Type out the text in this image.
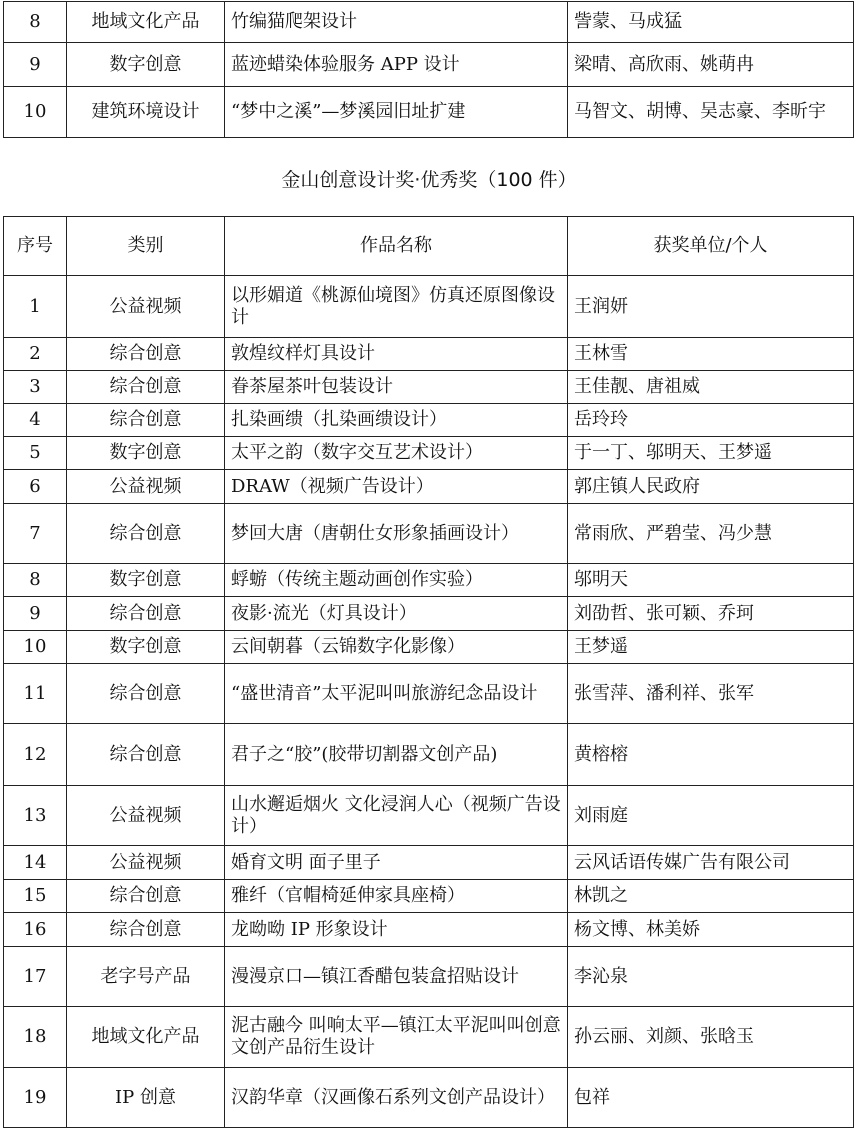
8	地域文化产品	竹编猫爬架设计	訾蒙、马成猛
9	数字创意	蓝迹蜡染体验服务 APP 设计	梁晴、高欣雨、姚萌冉
10	建筑环境设计	“梦中之溪”—梦溪园旧址扩建	马智文、胡博、吴志豪、李昕宇
金山创意设计奖·优秀奖（100 件）
序号	类别	作品名称	获奖单位/个人
1	公益视频	以形媚道《桃源仙境图》仿真还原图像设计	王润妍
2	综合创意	敦煌纹样灯具设计	王林雪
3	综合创意	眷茶屋茶叶包装设计	王佳靓、唐祖威
4	综合创意	扎染画缋（扎染画缋设计）	岳玲玲
5	数字创意	太平之韵（数字交互艺术设计）	于一丁、邬明天、王梦遥
6	公益视频	DRAW（视频广告设计）	郭庄镇人民政府
7	综合创意	梦回大唐（唐朝仕女形象插画设计）	常雨欣、严碧莹、冯少慧
8	数字创意	蜉蝣（传统主题动画创作实验）	邬明天
9	综合创意	夜影·流光（灯具设计）	刘劭哲、张可颖、乔珂
10	数字创意	云间朝暮（云锦数字化影像）	王梦遥
11	综合创意	“盛世清音”太平泥叫叫旅游纪念品设计	张雪萍、潘利祥、张军
12	综合创意	君子之“胶”(胶带切割器文创产品)	黄榕榕
13	公益视频	山水邂逅烟火 文化浸润人心（视频广告设计）	刘雨庭
14	公益视频	婚育文明 面子里子	云风话语传媒广告有限公司
15	综合创意	雅纤（官帽椅延伸家具座椅）	林凯之
16	综合创意	龙呦呦 IP 形象设计	杨文博、林美娇
17	老字号产品	漫漫京口—镇江香醋包装盒招贴设计	李沁泉
18	地域文化产品	泥古融今 叫响太平—镇江太平泥叫叫创意文创产品衍生设计	孙云丽、刘颜、张晗玉
19	IP 创意	汉韵华章（汉画像石系列文创产品设计）	包祥
